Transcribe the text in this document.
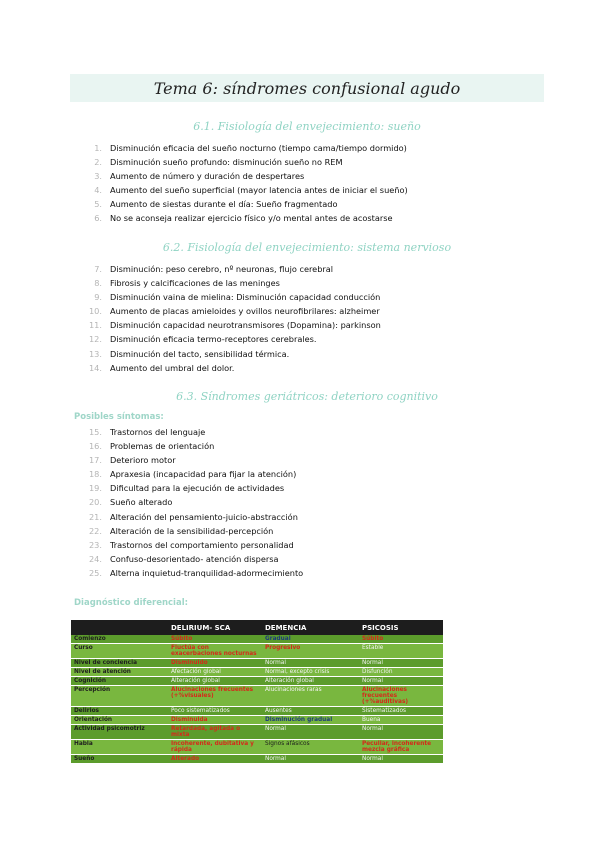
Tema 6: síndromes confusional agudo
6.1. Fisiología del envejecimiento: sueño
1. Disminución eficacia del sueño nocturno (tiempo cama/tiempo dormido)
2. Disminución sueño profundo: disminución sueño no REM
3. Aumento de número y duración de despertares
4. Aumento del sueño superficial (mayor latencia antes de iniciar el sueño)
5. Aumento de siestas durante el día: Sueño fragmentado
6. No se aconseja realizar ejercicio físico y/o mental antes de acostarse
6.2. Fisiología del envejecimiento: sistema nervioso
7. Disminución: peso cerebro, nº neuronas, flujo cerebral
8. Fibrosis y calcificaciones de las meninges
9. Disminución vaina de mielina: Disminución capacidad conducción
10. Aumento de placas amieloides y ovillos neurofibrilares: alzheimer
11. Disminución capacidad neurotransmisores (Dopamina): parkinson
12. Disminución eficacia termo-receptores cerebrales.
13. Disminución del tacto, sensibilidad térmica.
14. Aumento del umbral del dolor.
6.3. Síndromes geriátricos: deterioro cognitivo
Posibles síntomas:
15. Trastornos del lenguaje
16. Problemas de orientación
17. Deterioro motor
18. Apraxesia (incapacidad para fijar la atención)
19. Dificultad para la ejecución de actividades
20. Sueño alterado
21. Alteración del pensamiento-juicio-abstracción
22. Alteración de la sensibilidad-percepción
23. Trastornos del comportamiento personalidad
24. Confuso-desorientado- atención dispersa
25. Alterna inquietud-tranquilidad-adormecimiento
Diagnóstico diferencial:
	DELIRIUM- SCA	DEMENCIA	PSICOSIS
Comienzo	Súbito	Gradual	Súbito
Curso	Fluctúa con exacerbaciones nocturnas	Progresivo	Estable
Nivel de conciencia	Disminuido	Normal	Normal
Nivel de atención	Afectación global	Normal, excepto crisis	Disfunción
Cognición	Alteración global	Alteración global	Normal
Percepción	Alucinaciones frecuentes (+%visuales)	Alucinaciones raras	Alucinaciones frecuentes (+%auditivas)
Delirios	Poco sistematizados	Ausentes	Sistematizados
Orientación	Disminuida	Disminución gradual	Buena
Actividad psicomotriz	Retardada, agitada o mixta	Normal	Normal
Habla	Incoherente, dubitativa y rápida	Signos afásicos	Peculiar, incoherente mezcla gráfica
Sueño	Alterado	Normal	Normal
